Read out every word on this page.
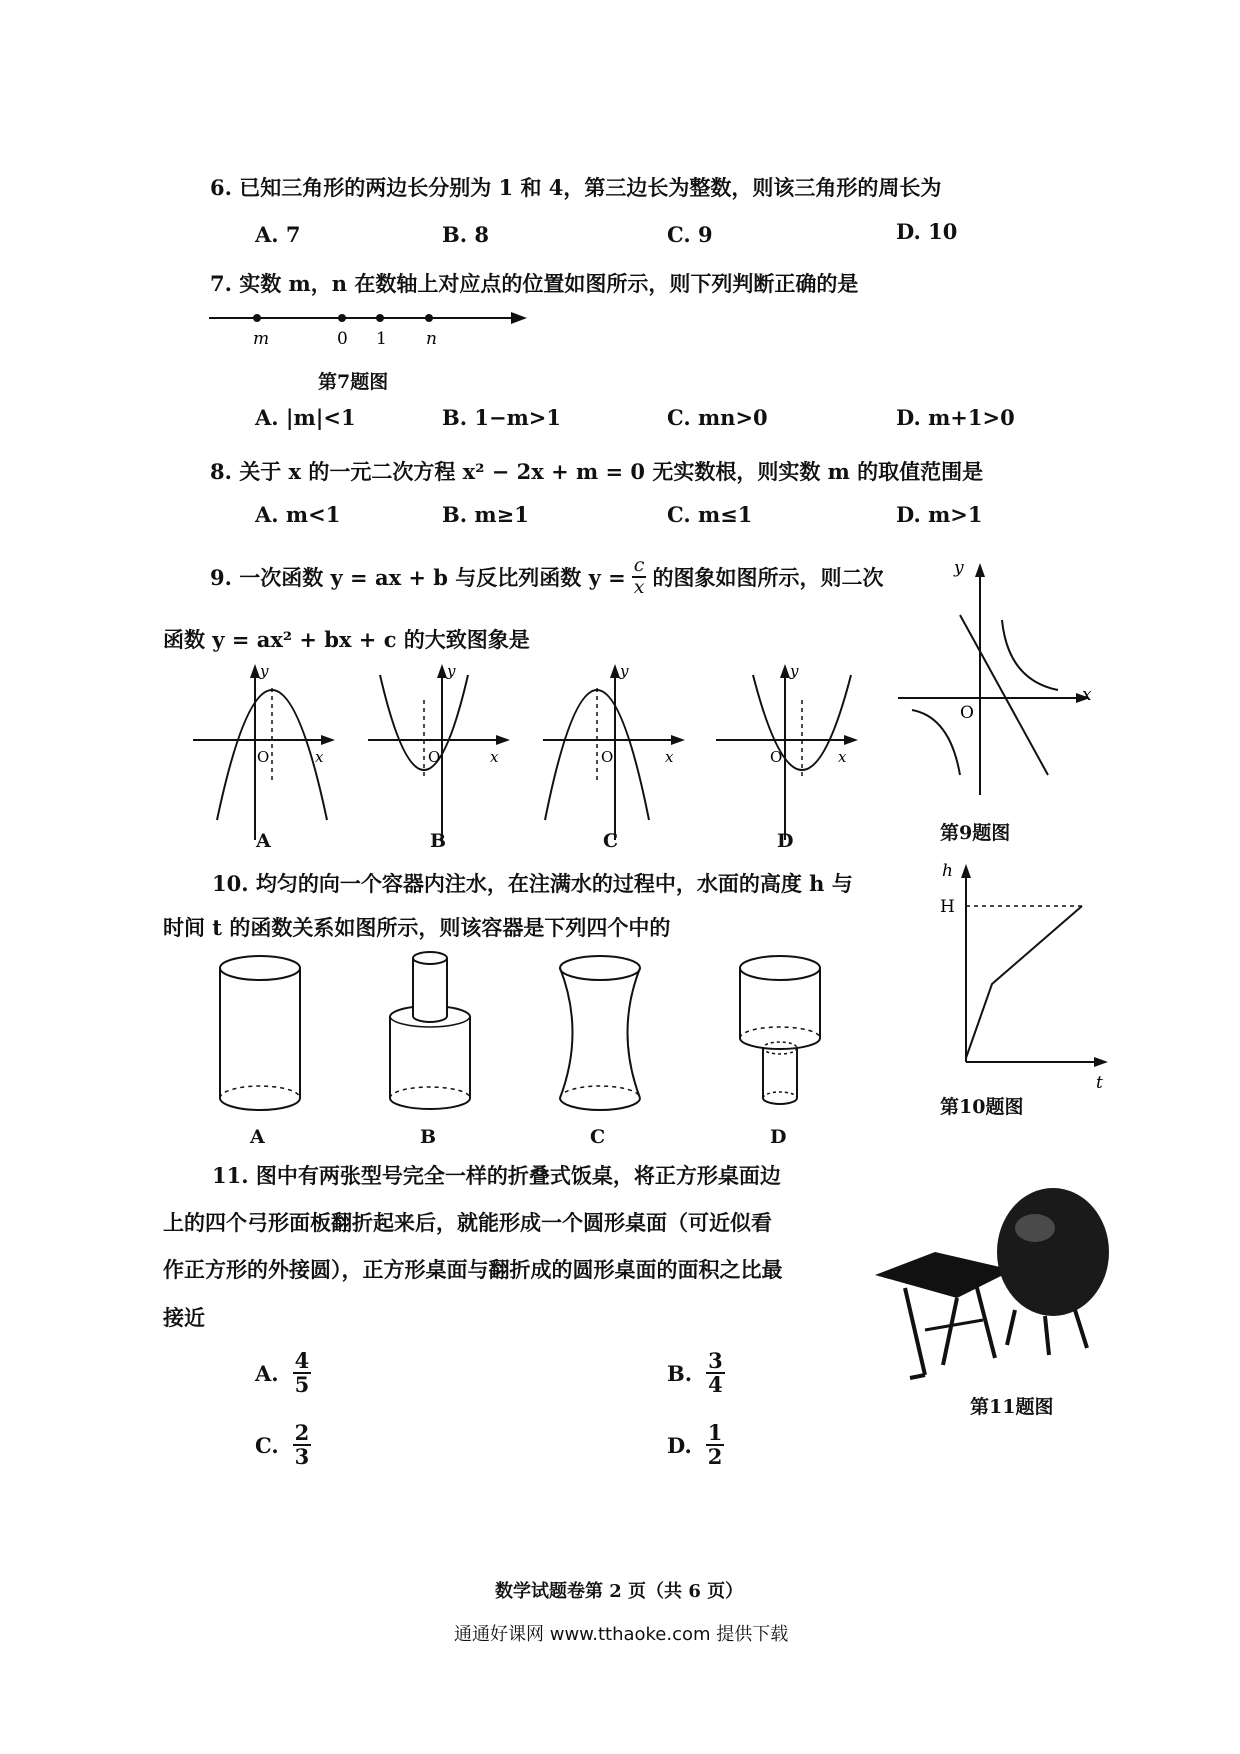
6. 已知三角形的两边长分别为 1 和 4，第三边长为整数，则该三角形的周长为
A. 7	B. 8	C. 9	D. 10
7. 实数 m，n 在数轴上对应点的位置如图所示，则下列判断正确的是
m	0 1 n
第7题图
A. |m|<1	B. 1−m>1	C. mn>0	D. m+1>0
8. 关于 x 的一元二次方程 x² − 2x + m = 0 无实数根，则实数 m 的取值范围是
A. m<1	B. m≥1	C. m≤1	D. m>1
9. 一次函数 y = ax + b 与反比列函数 $y = \frac{c}{x}$ 的图象如图所示，则二次
函数 y = ax² + bx + c 的大致图象是
y
x
O
A
y
x
O
B
y
x
O
C
y
x
O
D
y
x
O
第9题图
10. 均匀的向一个容器内注水，在注满水的过程中，水面的高度 h 与
时间 t 的函数关系如图所示，则该容器是下列四个中的
h
H
t
第10题图
A	B	C	D
11. 图中有两张型号完全一样的折叠式饭桌，将正方形桌面边
上的四个弓形面板翻折起来后，就能形成一个圆形桌面（可近似看
作正方形的外接圆），正方形桌面与翻折成的圆形桌面的面积之比最
接近
A. $\frac{4}{5}$	B. $\frac{3}{4}$
C. $\frac{2}{3}$	D. $\frac{1}{2}$
第11题图
数学试题卷第 2 页（共 6 页）
通通好课网 www.tthaoke.com 提供下载
